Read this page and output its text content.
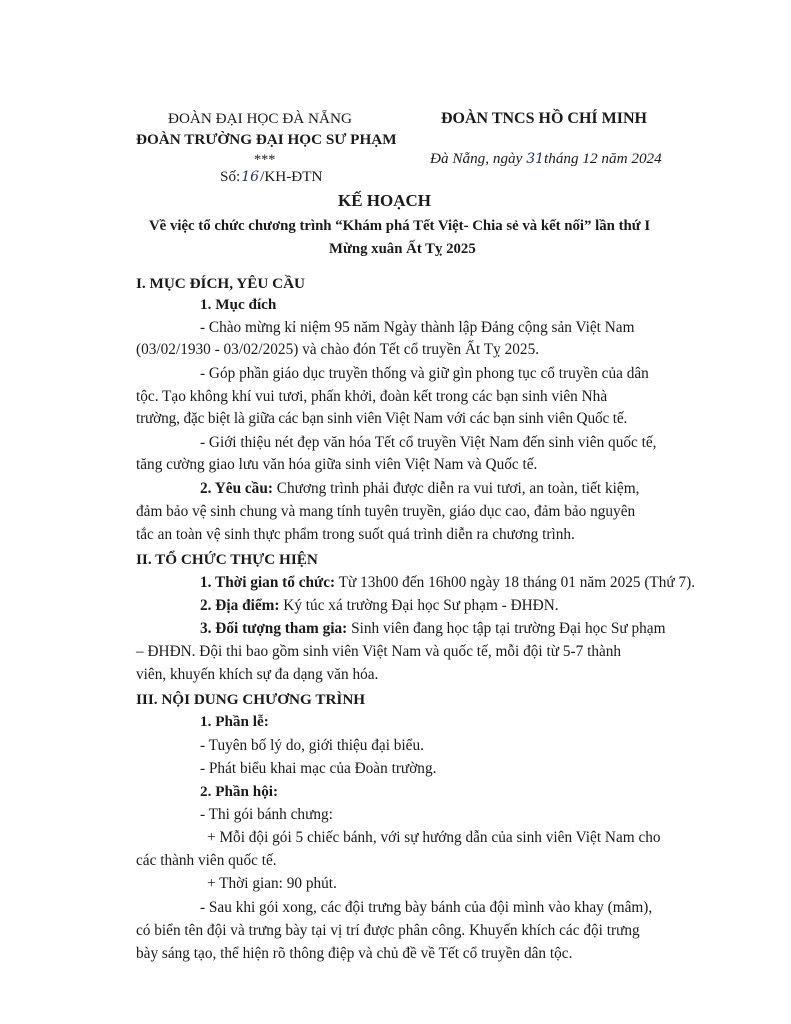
ĐOÀN ĐẠI HỌC ĐÀ NẴNG
ĐOÀN TRƯỜNG ĐẠI HỌC SƯ PHẠM
***
Số:16/KH-ĐTN
ĐOÀN TNCS HỒ CHÍ MINH
Đà Nẵng, ngày 31tháng 12 năm 2024
KẾ HOẠCH
Về việc tổ chức chương trình “Khám phá Tết Việt- Chia sẻ và kết nối” lần thứ I
Mừng xuân Ất Tỵ 2025
I. MỤC ĐÍCH, YÊU CẦU
1. Mục đích
- Chào mừng kỉ niệm 95 năm Ngày thành lập Đảng cộng sản Việt Nam
(03/02/1930 - 03/02/2025) và chào đón Tết cổ truyền Ất Tỵ 2025.
- Góp phần giáo dục truyền thống và giữ gìn phong tục cổ truyền của dân
tộc. Tạo không khí vui tươi, phấn khởi, đoàn kết trong các bạn sinh viên Nhà
trường, đặc biệt là giữa các bạn sinh viên Việt Nam với các bạn sinh viên Quốc tế.
- Giới thiệu nét đẹp văn hóa Tết cổ truyền Việt Nam đến sinh viên quốc tế,
tăng cường giao lưu văn hóa giữa sinh viên Việt Nam và Quốc tế.
2. Yêu cầu: Chương trình phải được diễn ra vui tươi, an toàn, tiết kiệm,
đảm bảo vệ sinh chung và mang tính tuyên truyền, giáo dục cao, đảm bảo nguyên
tắc an toàn vệ sinh thực phẩm trong suốt quá trình diễn ra chương trình.
II. TỔ CHỨC THỰC HIỆN
1. Thời gian tổ chức: Từ 13h00 đến 16h00 ngày 18 tháng 01 năm 2025 (Thứ 7).
2. Địa điểm: Ký túc xá trường Đại học Sư phạm - ĐHĐN.
3. Đối tượng tham gia: Sinh viên đang học tập tại trường Đại học Sư phạm
– ĐHĐN. Đội thi bao gồm sinh viên Việt Nam và quốc tế, mỗi đội từ 5-7 thành
viên, khuyến khích sự đa dạng văn hóa.
III. NỘI DUNG CHƯƠNG TRÌNH
1. Phần lễ:
- Tuyên bố lý do, giới thiệu đại biểu.
- Phát biểu khai mạc của Đoàn trường.
2. Phần hội:
- Thi gói bánh chưng:
+ Mỗi đội gói 5 chiếc bánh, với sự hướng dẫn của sinh viên Việt Nam cho
các thành viên quốc tế.
+ Thời gian: 90 phút.
- Sau khi gói xong, các đội trưng bày bánh của đội mình vào khay (mâm),
có biển tên đội và trưng bày tại vị trí được phân công. Khuyến khích các đội trưng
bày sáng tạo, thể hiện rõ thông điệp và chủ đề về Tết cổ truyền dân tộc.
